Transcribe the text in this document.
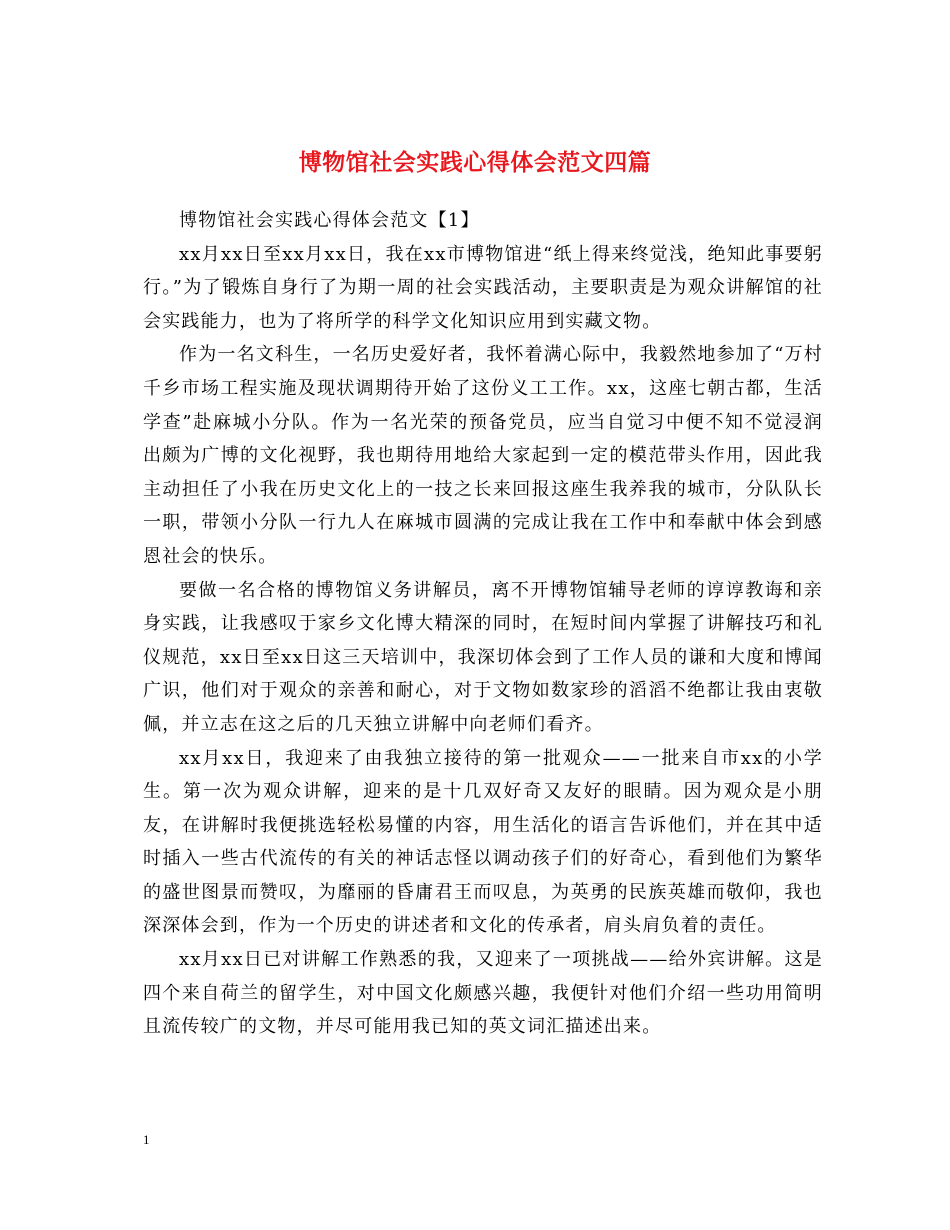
博物馆社会实践心得体会范文四篇

博物馆社会实践心得体会范文【1】

xx月xx日至xx月xx日，我在xx市博物馆进“纸上得来终觉浅，绝知此事要躬行。”为了锻炼自身行了为期一周的社会实践活动，主要职责是为观众讲解馆的社会实践能力，也为了将所学的科学文化知识应用到实藏文物。

作为一名文科生，一名历史爱好者，我怀着满心际中，我毅然地参加了“万村千乡市场工程实施及现状调期待开始了这份义工工作。xx，这座七朝古都，生活学查”赴麻城小分队。作为一名光荣的预备党员，应当自觉习中便不知不觉浸润出颇为广博的文化视野，我也期待用地给大家起到一定的模范带头作用，因此我主动担任了小我在历史文化上的一技之长来回报这座生我养我的城市，分队队长一职，带领小分队一行九人在麻城市圆满的完成让我在工作中和奉献中体会到感恩社会的快乐。

要做一名合格的博物馆义务讲解员，离不开博物馆辅导老师的谆谆教诲和亲身实践，让我感叹于家乡文化博大精深的同时，在短时间内掌握了讲解技巧和礼仪规范，xx日至xx日这三天培训中，我深切体会到了工作人员的谦和大度和博闻广识，他们对于观众的亲善和耐心，对于文物如数家珍的滔滔不绝都让我由衷敬佩，并立志在这之后的几天独立讲解中向老师们看齐。

xx月xx日，我迎来了由我独立接待的第一批观众——一批来自市xx的小学生。第一次为观众讲解，迎来的是十几双好奇又友好的眼睛。因为观众是小朋友，在讲解时我便挑选轻松易懂的内容，用生活化的语言告诉他们，并在其中适时插入一些古代流传的有关的神话志怪以调动孩子们的好奇心，看到他们为繁华的盛世图景而赞叹，为靡丽的昏庸君王而叹息，为英勇的民族英雄而敬仰，我也深深体会到，作为一个历史的讲述者和文化的传承者，肩头肩负着的责任。

xx月xx日已对讲解工作熟悉的我，又迎来了一项挑战——给外宾讲解。这是四个来自荷兰的留学生，对中国文化颇感兴趣，我便针对他们介绍一些功用简明且流传较广的文物，并尽可能用我已知的英文词汇描述出来。

1
